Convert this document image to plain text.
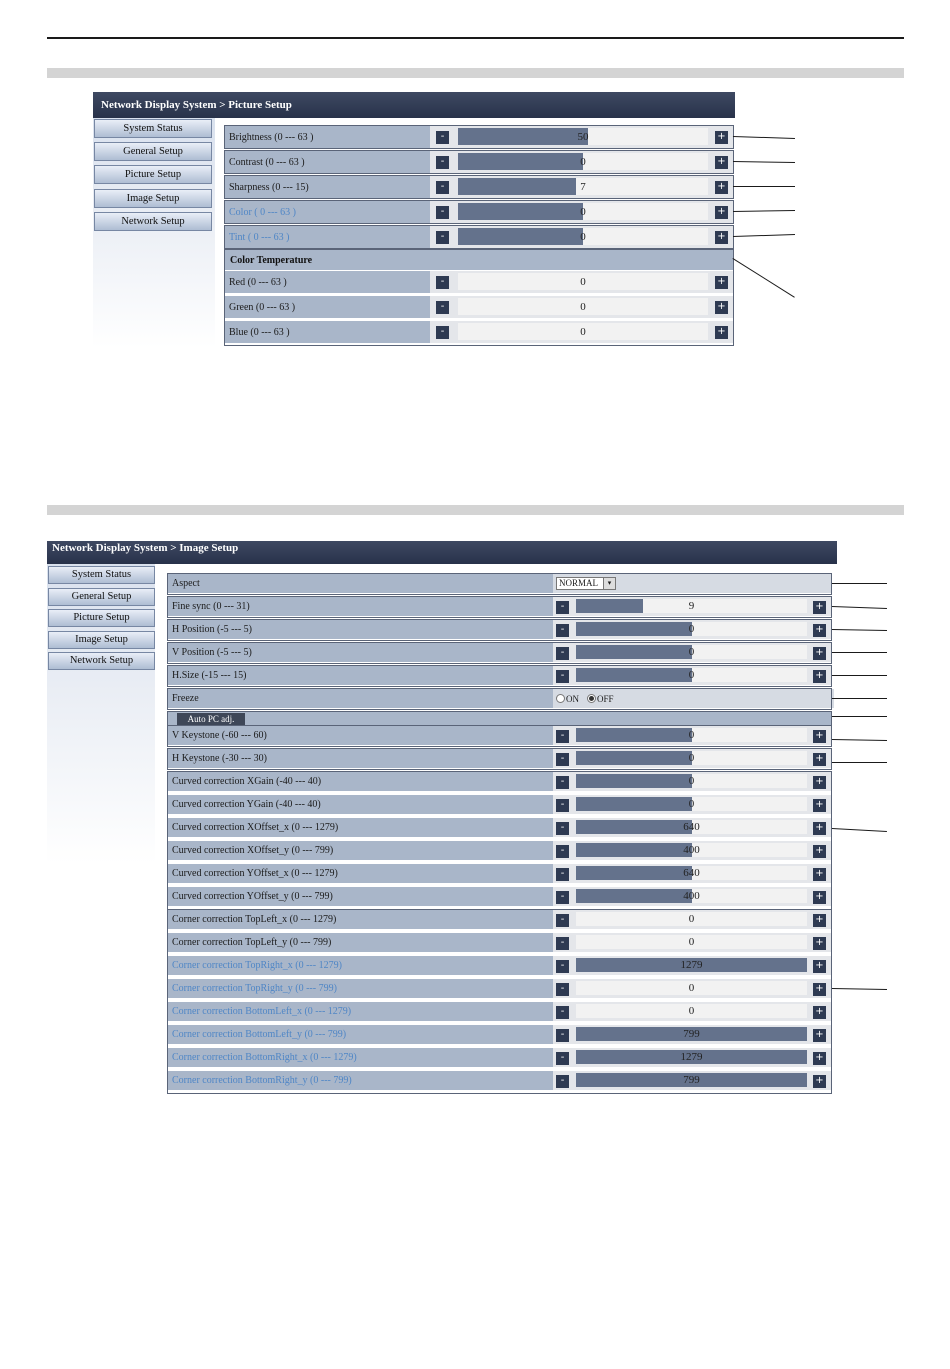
Network Display System > Picture Setup
System Status
General Setup
Picture Setup
Image Setup
Network Setup
Brightness (0 --- 63 )	-	50	+
Contrast (0 --- 63 )	-	0	+
Sharpness (0 --- 15)	-	7	+
Color ( 0 --- 63 )	-	0	+
Tint ( 0 --- 63 )	-	0	+
Color Temperature
Red (0 --- 63 )	-	0	+
Green (0 --- 63 )	-	0	+
Blue (0 --- 63 )	-	0	+
Network Display System > Image Setup
System Status
General Setup
Picture Setup
Image Setup
Network Setup
Aspect	NORMAL	▾
Fine sync (0 --- 31)	-	9	+
H Position (-5 --- 5)	-	0	+
V Position (-5 --- 5)	-	0	+
H.Size (-15 --- 15)	-	0	+
Freeze	ON OFF
Auto PC adj.
V Keystone (-60 --- 60)	-	0	+
H Keystone (-30 --- 30)	-	0	+
Curved correction XGain (-40 --- 40)	-	0	+
Curved correction YGain (-40 --- 40)	-	0	+
Curved correction XOffset_x (0 --- 1279)	-	640	+
Curved correction XOffset_y (0 --- 799)	-	400	+
Curved correction YOffset_x (0 --- 1279)	-	640	+
Curved correction YOffset_y (0 --- 799)	-	400	+
Corner correction TopLeft_x (0 --- 1279)	-	0	+
Corner correction TopLeft_y (0 --- 799)	-	0	+
Corner correction TopRight_x (0 --- 1279)	-	1279	+
Corner correction TopRight_y (0 --- 799)	-	0	+
Corner correction BottomLeft_x (0 --- 1279)	-	0	+
Corner correction BottomLeft_y (0 --- 799)	-	799	+
Corner correction BottomRight_x (0 --- 1279)	-	1279	+
Corner correction BottomRight_y (0 --- 799)	-	799	+
